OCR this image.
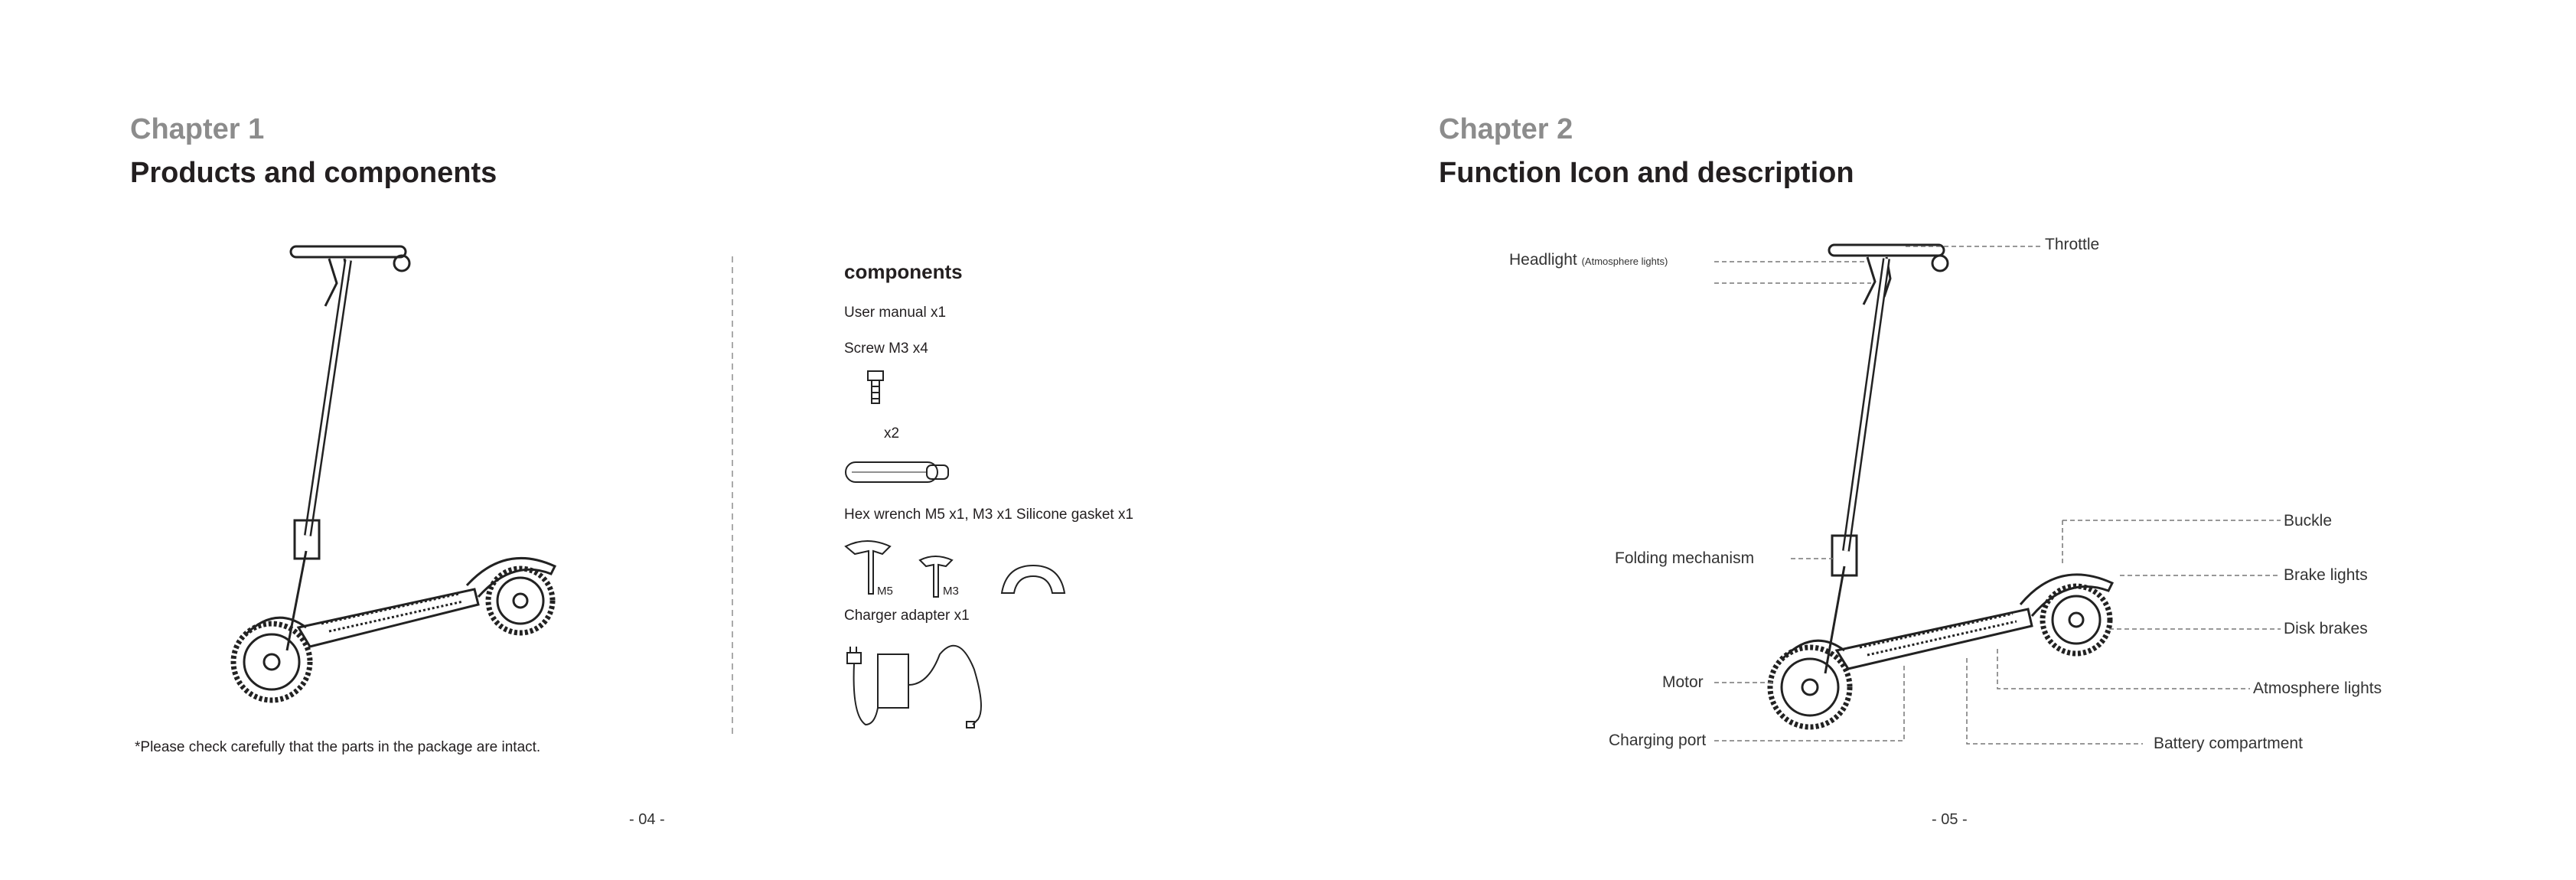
Chapter 1
Products and components
components
User manual x1
Screw M3 x4
x2
Hex wrench M5 x1, M3 x1 Silicone gasket x1
M5	M3
Charger adapter x1
*Please check carefully that the parts in the package are intact.
- 04 -
Chapter 2
Function Icon and description
Headlight (Atmosphere lights)
Throttle
Folding mechanism
Motor
Charging port
Buckle
Brake lights
Disk brakes
Atmosphere lights
Battery compartment
- 05 -
